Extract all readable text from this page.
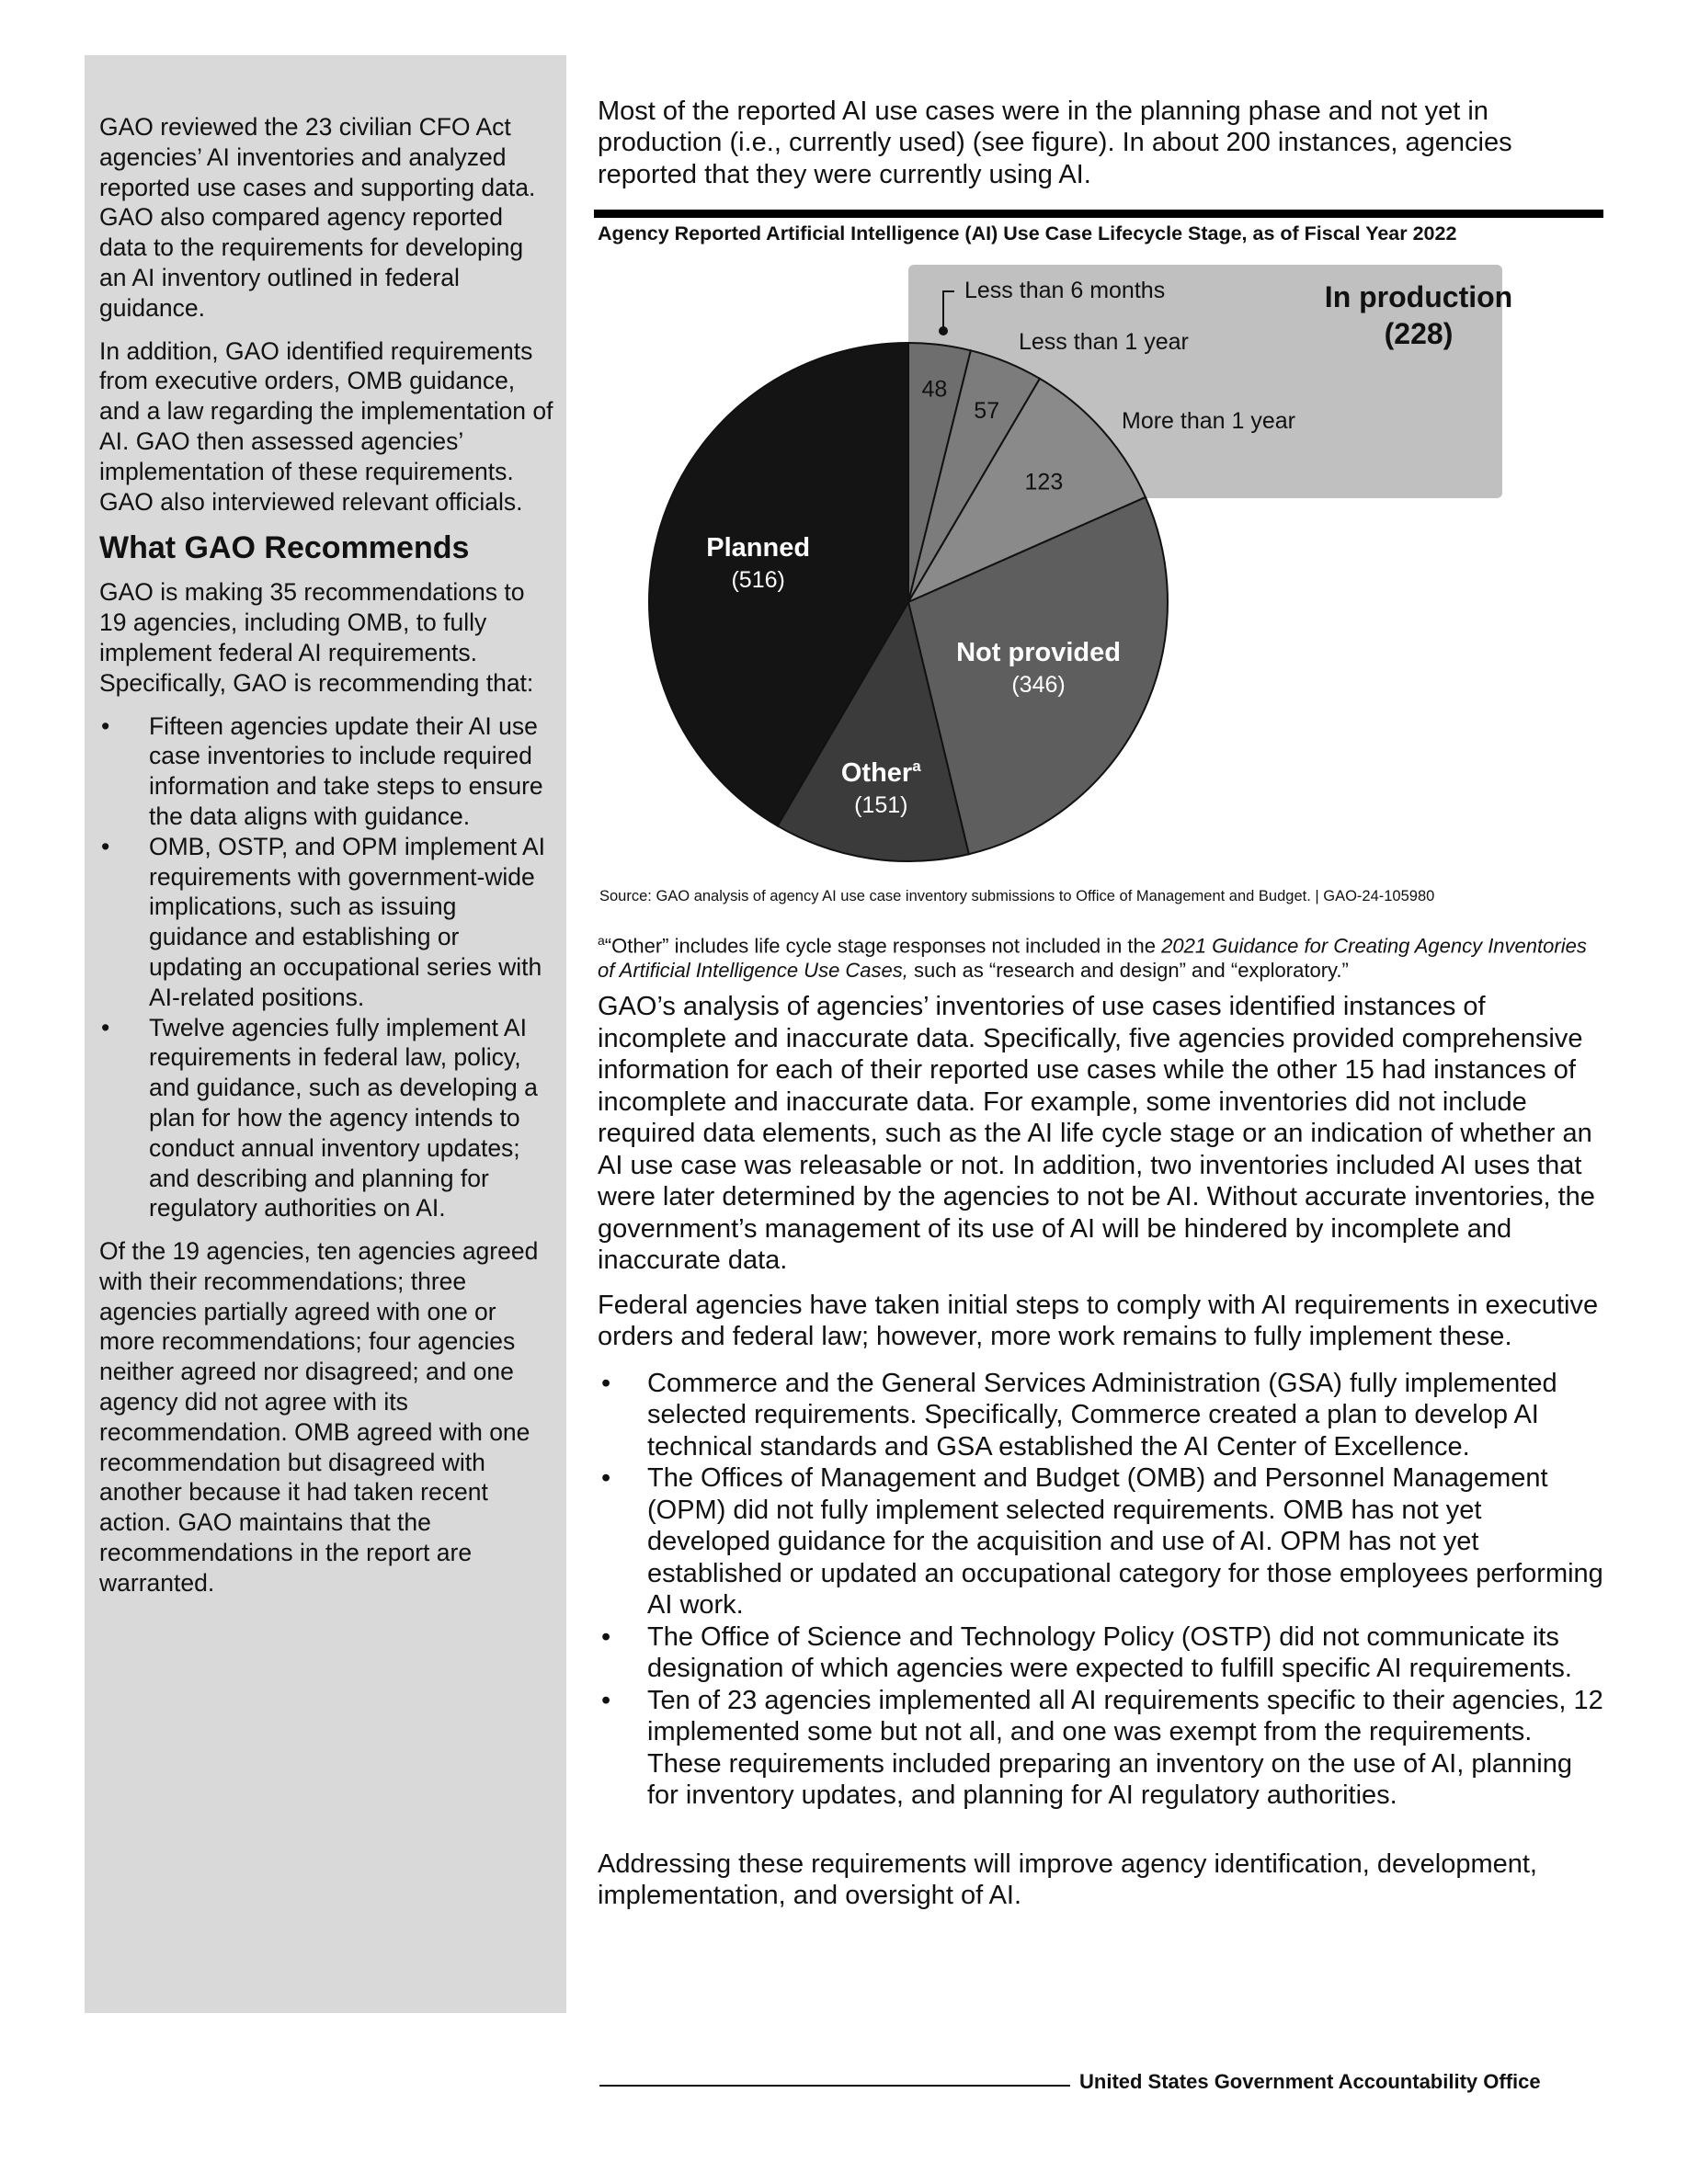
GAO reviewed the 23 civilian CFO Act agencies’ AI inventories and analyzed reported use cases and supporting data. GAO also compared agency reported data to the requirements for developing an AI inventory outlined in federal guidance.

In addition, GAO identified requirements from executive orders, OMB guidance, and a law regarding the implementation of AI. GAO then assessed agencies’ implementation of these requirements. GAO also interviewed relevant officials.

What GAO Recommends

GAO is making 35 recommendations to 19 agencies, including OMB, to fully implement federal AI requirements. Specifically, GAO is recommending that:

• Fifteen agencies update their AI use case inventories to include required information and take steps to ensure the data aligns with guidance.
• OMB, OSTP, and OPM implement AI requirements with government-wide implications, such as issuing guidance and establishing or updating an occupational series with AI-related positions.
• Twelve agencies fully implement AI requirements in federal law, policy, and guidance, such as developing a plan for how the agency intends to conduct annual inventory updates; and describing and planning for regulatory authorities on AI.

Of the 19 agencies, ten agencies agreed with their recommendations; three agencies partially agreed with one or more recommendations; four agencies neither agreed nor disagreed; and one agency did not agree with its recommendation. OMB agreed with one recommendation but disagreed with another because it had taken recent action. GAO maintains that the recommendations in the report are warranted.

Most of the reported AI use cases were in the planning phase and not yet in production (i.e., currently used) (see figure). In about 200 instances, agencies reported that they were currently using AI.

Agency Reported Artificial Intelligence (AI) Use Case Lifecycle Stage, as of Fiscal Year 2022
48
Less than 6 months
57
Less than 1 year
123
More than 1 year
Not provided
(346)
Other$^a$
(151)
Planned
(516)
In production
(228)
Source: GAO analysis of agency AI use case inventory submissions to Office of Management and Budget. | GAO-24-105980
$^a$“Other” includes life cycle stage responses not included in the 2021 Guidance for Creating Agency Inventories of Artificial Intelligence Use Cases, such as “research and design” and “exploratory.”

GAO’s analysis of agencies’ inventories of use cases identified instances of incomplete and inaccurate data. Specifically, five agencies provided comprehensive information for each of their reported use cases while the other 15 had instances of incomplete and inaccurate data. For example, some inventories did not include required data elements, such as the AI life cycle stage or an indication of whether an AI use case was releasable or not. In addition, two inventories included AI uses that were later determined by the agencies to not be AI. Without accurate inventories, the government’s management of its use of AI will be hindered by incomplete and inaccurate data.

Federal agencies have taken initial steps to comply with AI requirements in executive orders and federal law; however, more work remains to fully implement these.

• Commerce and the General Services Administration (GSA) fully implemented selected requirements. Specifically, Commerce created a plan to develop AI technical standards and GSA established the AI Center of Excellence.
• The Offices of Management and Budget (OMB) and Personnel Management (OPM) did not fully implement selected requirements. OMB has not yet developed guidance for the acquisition and use of AI. OPM has not yet established or updated an occupational category for those employees performing AI work.
• The Office of Science and Technology Policy (OSTP) did not communicate its designation of which agencies were expected to fulfill specific AI requirements.
• Ten of 23 agencies implemented all AI requirements specific to their agencies, 12 implemented some but not all, and one was exempt from the requirements. These requirements included preparing an inventory on the use of AI, planning for inventory updates, and planning for AI regulatory authorities.

Addressing these requirements will improve agency identification, development, implementation, and oversight of AI.

United States Government Accountability Office
